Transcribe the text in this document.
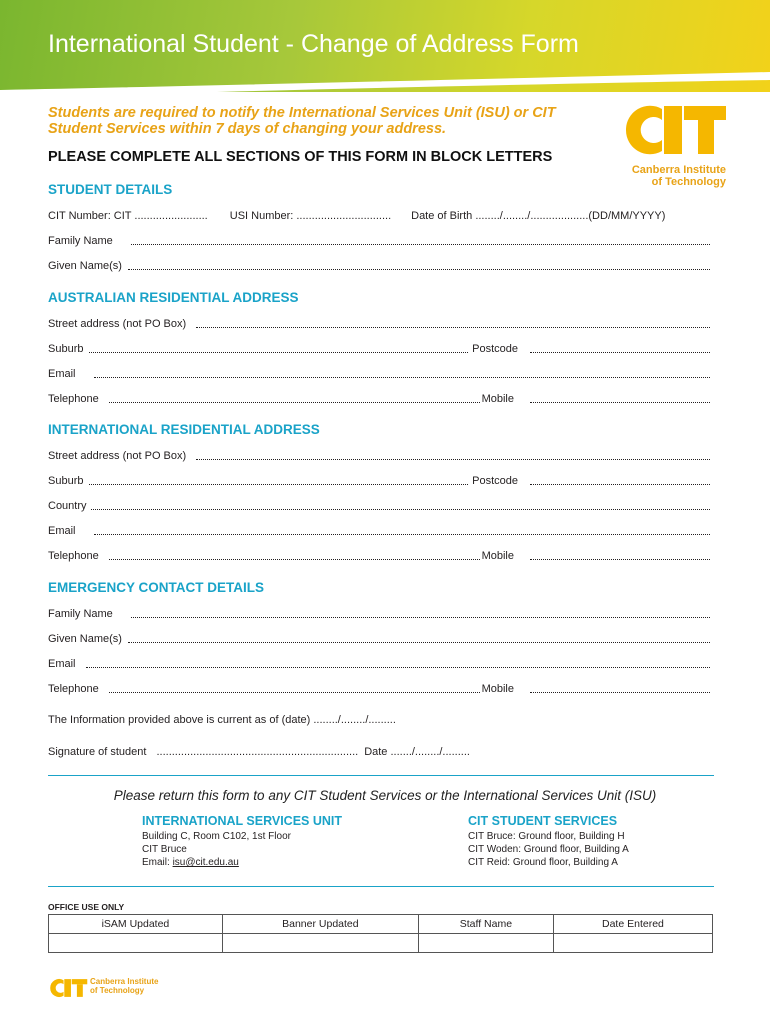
International Student - Change of Address Form
Students are required to notify the International Services Unit (ISU) or CIT Student Services within 7 days of changing your address.
PLEASE COMPLETE ALL SECTIONS OF THIS FORM IN BLOCK LETTERS
Canberra Institute
of Technology
STUDENT DETAILS
CIT Number: CIT ........................ USI Number: ............................... Date of Birth ......../......../...................(DD/MM/YYYY)
Family Name
Given Name(s)
AUSTRALIAN RESIDENTIAL ADDRESS
Street address (not PO Box)
Suburb	Postcode
Email
Telephone	Mobile
INTERNATIONAL RESIDENTIAL ADDRESS
Street address (not PO Box)
Suburb	Postcode
Country
Email
Telephone	Mobile
EMERGENCY CONTACT DETAILS
Family Name
Given Name(s)
Email
Telephone	Mobile
The Information provided above is current as of (date) ......../......../.........
Signature of student .................................................................. Date ......./......../.........
Please return this form to any CIT Student Services or the International Services Unit (ISU)
INTERNATIONAL SERVICES UNIT
Building C, Room C102, 1st Floor
CIT Bruce
Email: isu@cit.edu.au
CIT STUDENT SERVICES
CIT Bruce: Ground floor, Building H
CIT Woden: Ground floor, Building A
CIT Reid: Ground floor, Building A
OFFICE USE ONLY
iSAM Updated	Banner Updated	Staff Name	Date Entered

Canberra Institute
of Technology
